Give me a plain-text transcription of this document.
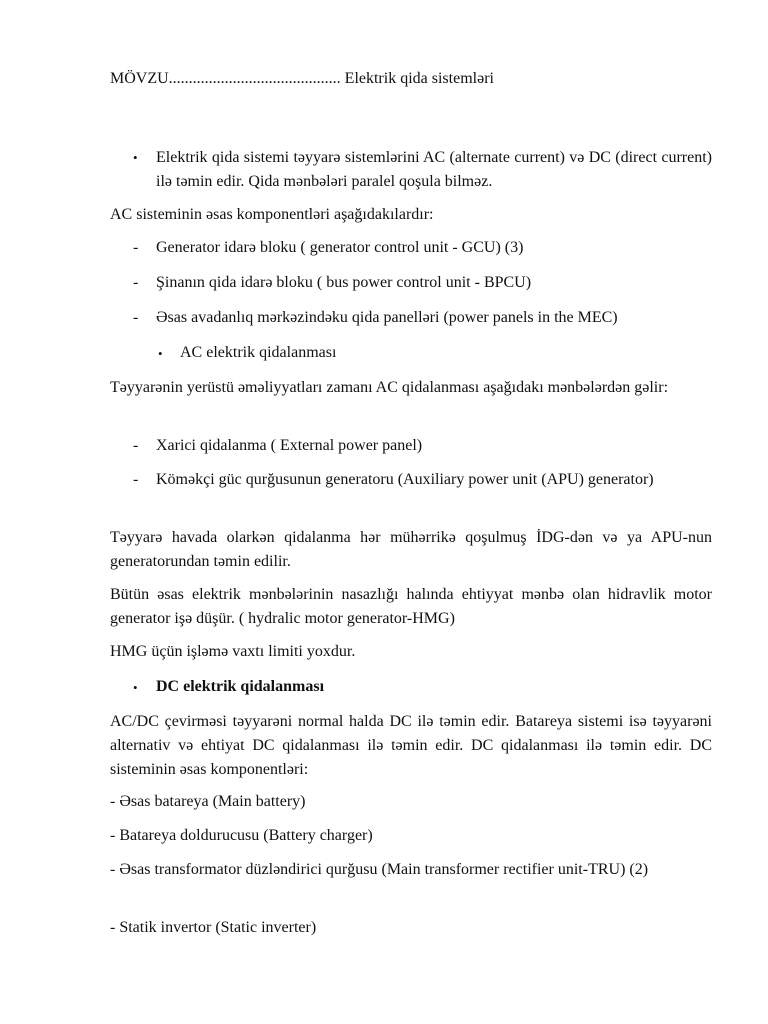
MÖVZU........................................... Elektrik qida sistemləri
• Elektrik qida sistemi təyyarə sistemlərini AC (alternate current) və DC (direct current) ilə təmin edir. Qida mənbələri paralel qoşula bilməz.
AC sisteminin əsas komponentləri aşağıdakılardır:
- Generator idarə bloku ( generator control unit - GCU) (3)
- Şinanın qida idarə bloku ( bus power control unit - BPCU)
- Əsas avadanlıq mərkəzindəku qida panelləri (power panels in the MEC)
• AC elektrik qidalanması
Təyyarənin yerüstü əməliyyatları zamanı AC qidalanması aşağıdakı mənbələrdən gəlir:
- Xarici qidalanma ( External power panel)
- Köməkçi güc qurğusunun generatoru (Auxiliary power unit (APU) generator)
Təyyarə havada olarkən qidalanma hər mühərrikə qoşulmuş İDG-dən və ya APU-nun generatorundan təmin edilir.
Bütün əsas elektrik mənbələrinin nasazlığı halında ehtiyyat mənbə olan hidravlik motor generator işə düşür. ( hydralic motor generator-HMG)
HMG üçün işləmə vaxtı limiti yoxdur.
• DC elektrik qidalanması
AC/DC çevirməsi təyyarəni normal halda DC ilə təmin edir. Batareya sistemi isə təyyarəni alternativ və ehtiyat DC qidalanması ilə təmin edir. DC qidalanması ilə təmin edir. DC sisteminin əsas komponentləri:
- Əsas batareya (Main battery)
- Batareya doldurucusu (Battery charger)
- Əsas transformator düzləndirici qurğusu (Main transformer rectifier unit-TRU) (2)
- Statik invertor (Static inverter)
